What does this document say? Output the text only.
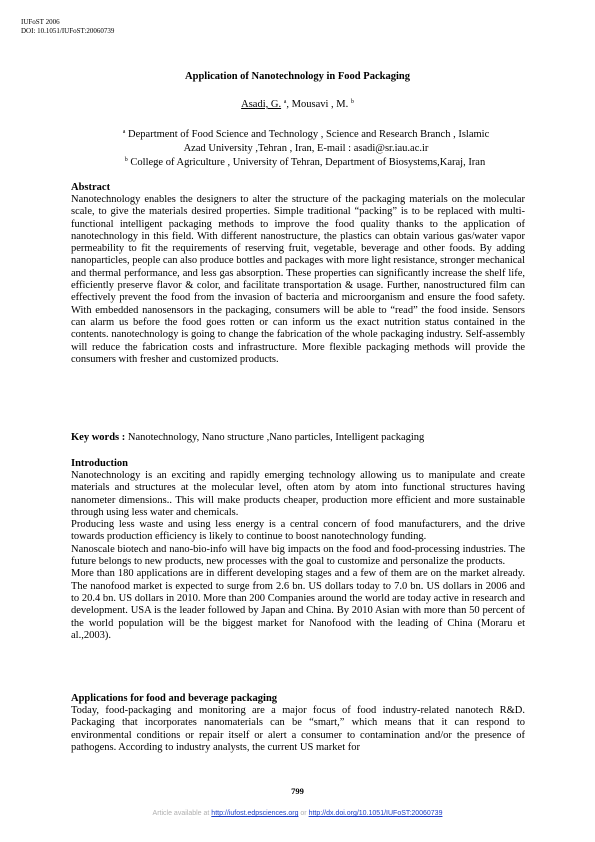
IUFoST 2006
DOI: 10.1051/IUFoST:20060739
Application of Nanotechnology in Food Packaging
Asadi, G. $^a$, Mousavi , M. $^b$
$^a$ Department of Food Science and Technology , Science and Research Branch , Islamic
Azad University ,Tehran , Iran, E-mail : asadi@sr.iau.ac.ir
$^b$ College of Agriculture , University of Tehran, Department of Biosystems,Karaj, Iran
Abstract

Nanotechnology enables the designers to alter the structure of the packaging materials on the molecular scale, to give the materials desired properties. Simple traditional “packing” is to be replaced with multi-functional intelligent packaging methods to improve the food quality thanks to the application of nanotechnology in this field. With different nanostructure, the plastics can obtain various gas/water vapor permeability to fit the requirements of reserving fruit, vegetable, beverage and other foods. By adding nanoparticles, people can also produce bottles and packages with more light resistance, stronger mechanical and thermal performance, and less gas absorption. These properties can significantly increase the shelf life, efficiently preserve flavor & color, and facilitate transportation & usage. Further, nanostructured film can effectively prevent the food from the invasion of bacteria and microorganism and ensure the food safety. With embedded nanosensors in the packaging, consumers will be able to “read” the food inside. Sensors can alarm us before the food goes rotten or can inform us the exact nutrition status contained in the contents. nanotechnology is going to change the fabrication of the whole packaging industry. Self-assembly will reduce the fabrication costs and infrastructure. More flexible packaging methods will provide the consumers with fresher and customized products.

Key words : Nanotechnology, Nano structure ,Nano particles, Intelligent packaging
Introduction

Nanotechnology is an exciting and rapidly emerging technology allowing us to manipulate and create materials and structures at the molecular level, often atom by atom into functional structures having nanometer dimensions.. This will make products cheaper, production more efficient and more sustainable through using less water and chemicals.

Producing less waste and using less energy is a central concern of food manufacturers, and the drive towards production efficiency is likely to continue to boost nanotechnology funding.

Nanoscale biotech and nano-bio-info will have big impacts on the food and food-processing industries. The future belongs to new products, new processes with the goal to customize and personalize the products.

More than 180 applications are in different developing stages and a few of them are on the market already. The nanofood market is expected to surge from 2.6 bn. US dollars today to 7.0 bn. US dollars in 2006 and to 20.4 bn. US dollars in 2010. More than 200 Companies around the world are today active in research and development. USA is the leader followed by Japan and China. By 2010 Asian with more than 50 percent of the world population will be the biggest market for Nanofood with the leading of China (Moraru et al.,2003).

Applications for food and beverage packaging

Today, food-packaging and monitoring are a major focus of food industry-related nanotech R&D. Packaging that incorporates nanomaterials can be “smart,” which means that it can respond to environmental conditions or repair itself or alert a consumer to contamination and/or the presence of pathogens. According to industry analysts, the current US market for

799
Article available at http://iufost.edpsciences.org or http://dx.doi.org/10.1051/IUFoST:20060739
